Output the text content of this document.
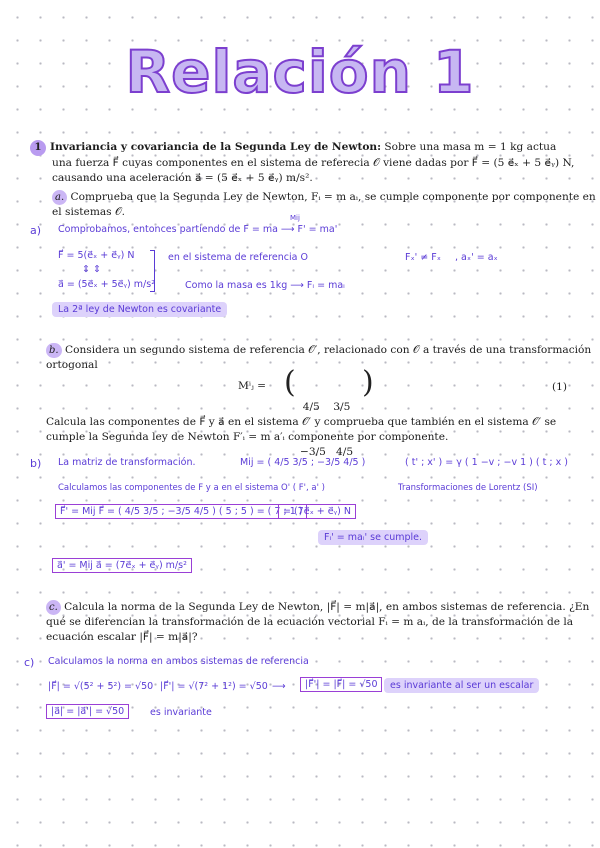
Relación 1
1 Invariancia y covariancia de la Segunda Ley de Newton: Sobre una masa m = 1 kg actua
una fuerza F⃗ cuyas componentes en el sistema de referecia 𝒪 viene dadas por F⃗ = (5 e⃗ₓ + 5 e⃗ᵧ) N,
causando una aceleración a⃗ = (5 e⃗ₓ + 5 e⃗ᵧ) m/s².
a. Comprueba que la Segunda Ley de Newton, Fᵢ = m aᵢ, se cumple componente por componente en
el sistemas 𝒪.
a) Comprobamos, entonces partiendo de F = ma ⟶ F' = ma'
Mij
F⃗ = 5(e⃗ₓ + e⃗ᵧ) N
⇕ ⇕
a⃗ = (5e⃗ₓ + 5e⃗ᵧ) m/s²
en el sistema de referencia O
Como la masa es 1kg ⟶ Fᵢ = maᵢ
Fₓ' ≠ Fₓ , aₓ' = aₓ
La 2ª ley de Newton es covariante
b. Considera un segundo sistema de referencia 𝒪′, relacionado con 𝒪 a través de una transformación
ortogonal
Mⁱⱼ = (

4/5    3/5

−3/5   4/5

)	(1)
Calcula las componentes de F⃗ y a⃗ en el sistema 𝒪′ y comprueba que también en el sistema 𝒪′ se
cumple la Segunda ley de Newton F′ᵢ = m a′ᵢ componente por componente.
b) La matriz de transformación.	Mij = ( 4/5 3/5 ; −3/5 4/5 )	( t' ; x' ) = γ ( 1 −v ; −v 1 ) ( t ; x )
Calculamos las componentes de F y a en el sistema O' ( F', a' )	Transformaciones de Lorentz (SI)
F⃗' = Mij F⃗ = ( 4/5 3/5 ; −3/5 4/5 ) ( 5 ; 5 ) = ( 7 ; 1 )
= (7e⃗ₓ + e⃗ᵧ) N
Fᵢ' = maᵢ' se cumple.
a⃗' = Mij a⃗ = (7e⃗ₓ + e⃗ᵧ) m/s²
c. Calcula la norma de la Segunda Ley de Newton, |F⃗| = m|a⃗|, en ambos sistemas de referencia. ¿En
qué se diferencian la transformación de la ecuación vectorial Fᵢ = m aᵢ, de la transformación de la
ecuación escalar |F⃗| = m|a⃗|?
c) Calculamos la norma en ambos sistemas de referencia
|F⃗| = √(5² + 5²) = √50 |F⃗'| = √(7² + 1²) = √50 ⟶	|F⃗'| = |F⃗| = √50	es invariante al ser un escalar
|a⃗| = |a⃗'| = √50	es invariante
